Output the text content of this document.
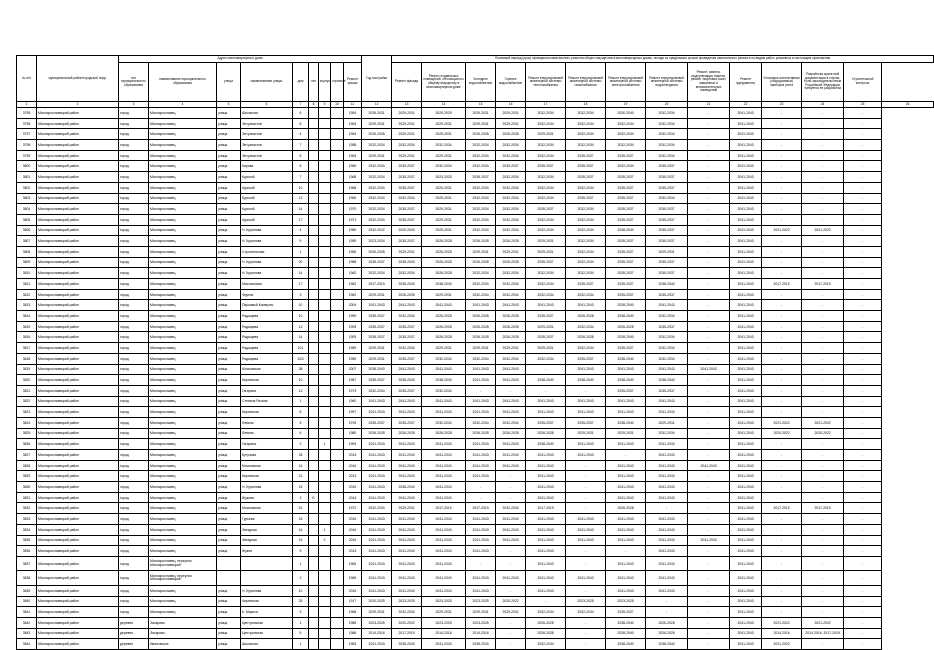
№ п/п	муниципальный район/городской округ	Адрес многоквартирного дома									Год постройки	Плановый период (срок) проведения капитального ремонта общего имущества в многоквартирных домах, исходя из предельных сроков проведения капитального ремонта по видам работ, указанных в настоящем приложении													
		тип муниципального образования	наименование муниципального образования	улица	наименование улицы	дом	лит	корпус	строение	Ремонт крыши		Ремонт фасада	Ремонт подвальных помещений, относящихся к общему имуществу в многоквартирном доме	Холодное водоснабжение	Горячее водоснабжение	Ремонт внутридомовой инженерной системы теплоснабжения	Ремонт внутридомовой инженерной системы газоснабжения	Ремонт внутридомовой инженерной системы электроснабжения	Ремонт внутридомовой инженерной системы водоотведения	Ремонт, замена, модернизация лифтов, ремонт лифтовых шахт, машинных и вспомогательных помещений	Ремонт фундамента	Установка коллективных (общедомовых) приборов учета	Разработка проектной документации в случае, если законодательством Российской Федерации требуется ее разработка	Строительный контроль	
1	2	3	4	5	6	7	8	9	10	11	12	13	14	15	16	17	18	19	20	21	22	23	24	25	26
3795	Малоярославецкий район	город	Малоярославец	улица	Школьная	6				1954	2026-2031	2029-2031	2029-2029	2029-2031	2029-2031	2032-2034	2032-2034	2030-2040	2032-2034	-	2041-2043	-	-	-	
3796	Малоярославецкий район	город	Малоярославец	улица	Энтузиастов	8				1954	2029-2031	2029-2031	2029-2031	2029-2031	2029-2031	2032-2034	2032-2034	2032-2034	2032-2034	-	2041-2043	-	-	-	
3797	Малоярославецкий район	город	Малоярославец	улица	Энтузиастов	4				1954	2026-2028	2029-2031	2029-2031	2026-2028	2026-2028	2029-2031	2032-2034	2032-2034	2032-2034	-	2041-2043	-	-	-	
3798	Малоярославецкий район	город	Малоярославец	улица	Энтузиастов	7				1958	2032-2034	2032-2034	2032-2034	2032-2034	2032-2034	2032-2034	2032-2034	2032-2034	2032-2034	-	2041-2043	-	-	-	
3799	Малоярославецкий район	город	Малоярославец	улица	Энтузиастов	5				1954	2029-2031	2029-2031	2029-2031	2032-2034	2032-2034	2032-2034	2035-2037	2035-2037	2032-2034	-	2041-2043	-	-	-	
3800	Малоярославецкий район	город	Малоярославец	улица	Кирова	6				1960	2032-2034	2035-2037	2032-2034	2032-2034	2035-2037	2035-2037	2035-2037	2032-2034	2035-2037	-	2041-2043	-	-	-	
3801	Малоярославецкий район	город	Малоярославец	улица	Курской	7				1968	2032-2034	2035-2037	2023-2025	2035-2037	2032-2034	2032-2034	2035-2037	2035-2037	2035-2037	-	2041-2043	-	-	-	
3802	Малоярославецкий район	город	Малоярославец	улица	Курской	10				1968	2032-2034	2035-2037	2020-2031	2032-2034	2032-2034	2032-2034	2032-2034	2035-2037	2035-2037	-	2041-2043	-	-	-	
3803	Малоярославецкий район	город	Малоярославец	улица	Курской	12				1965	2032-2034	2032-2034	2029-2031	2032-2034	2032-2034	2032-2034	2035-2037	2035-2037	2032-2034	-	2041-2043	-	-	-	
3804	Малоярославецкий район	город	Малоярославец	улица	Курской	14				1970	2032-2034	2035-2037	2029-2031	2032-2034	2032-2034	2035-2037	2032-2034	2035-2037	2035-2037	-	2041-2043	-	-	-	
3805	Малоярославецкий район	город	Малоярославец	улица	Курской	17				1971	2032-2034	2035-2037	2029-2031	2032-2034	2032-2034	2032-2034	2032-2034	2035-2037	2035-2037	-	2041-2043	-	-	-	
3806	Малоярославецкий район	город	Малоярославец	улица	Н. Курилова	4				1980	2032-2022	2020-2040	2029-2031	2032-2034	2032-2034	2032-2034	2032-2034	2038-2040	2035-2037	-	2041-2043	2021-2022	2021-2022	-	
3807	Малоярославецкий район	город	Малоярославец	улица	Н. Курилова	9				1959	2023-2034	2035-2037	2026-2028	2026-2028	2026-2028	2029-2031	2032-2034	2035-2037	2035-2037	-	2041-2043	-	-	-	
3808	Малоярославецкий район	город	Малоярославец	улица	Строительная	1				1956	2026-2028	2029-2031	2026-2028	2029-2031	2029-2031	2029-2031	2032-2034	2035-2037	2029-2031	-	2041-2043	-	-	-	
3809	Малоярославецкий район	город	Малоярославец	улица	Н. Курилова	20				1988	2035-2037	2038-2040	2026-2028	2026-2028	2026-2028	2035-2037	2032-2034	2035-2037	2035-2037	-	2041-2043	-	-	-	
3810	Малоярославецкий район	город	Малоярославец	улица	Н. Курилова	14				1962	2032-2034	2032-2034	2026-2028	2032-2034	2032-2034	2032-2034	2032-2034	2035-2037	2035-2037	-	2041-2043	-	-	-	
3811	Малоярославецкий район	город	Малоярославец	улица	Маслоповая	17				1962	2017-2019	2038-2040	2038-2040	2032-2034	2032-2034	2032-2034	2035-2037	2035-2037	2038-2040	-	2041-2043	2017-2019	2017-2019	-	
3812	Малоярославецкий район	город	Малоярославец	улица	Фрунзе	3				1962	2029-2031	2026-2028	2029-2031	2032-2034	2032-2034	2032-2034	2032-2034	2035-2037	2035-2037	-	2041-2043	-	-	-	
3813	Малоярославецкий район	город	Малоярославец	улица	Парковый Коммуны	10				2004	2041-2043	2041-2043	2041-2043	2041-2043	2041-2043	2041-2043	2041-2043	2038-2040	2041-2043	-	2041-2043	-	-	-	
3814	Малоярославецкий район	город	Малоярославец	улица	Радищева	10				1990	2035-2037	2032-2034	2026-2028	2026-2028	2026-2028	2035-2037	2026-2028	2038-2040	2032-2034	-	2041-2043	-	-	-	
3815	Малоярославецкий район	город	Малоярославец	улица	Радищева	12				1993	2035-2037	2035-2037	2026-2028	2026-2028	2026-2028	2029-2031	2032-2034	2026-2028	2035-2037	-	2041-2043	-	-	-	
3816	Малоярославецкий район	город	Малоярославец	улица	Радищева	14				1993	2035-2037	2035-2037	2026-2028	2026-2028	2026-2028	2035-2037	2026-2028	2038-2040	2032-2034	-	2041-2043	-	-	-	
3817	Малоярославецкий район	город	Малоярославец	улица	Радищева	101				1989	2029-2031	2032-2034	2029-2031	2029-2031	2029-2031	2029-2031	2032-2034	2035-2037	2032-2034	-	2041-2043	-	-	-	
3818	Малоярославецкий район	город	Малоярославец	улица	Радищева	10/2				1989	2029-2031	2035-2037	2032-2034	2032-2034	2032-2034	2032-2034	2035-2037	2038-2040	2032-2034	-	2041-2043	-	-	-	
3819	Малоярославецкий район	город	Малоярославец	улица	Московская	38				2007	2038-2040	2041-2043	2041-2043	2041-2043	2041-2043	-	2041-2043	2041-2043	2041-2043	2041-2043	2041-2043	-	-	-	
3820	Малоярославецкий район	город	Малоярославец	улица	Кирпичная	10				1987	2035-2037	2038-2040	2038-2040	2041-2043	2041-2043	2038-2040	2038-2040	2038-2040	2038-2040	-	2041-2043	-	-	-	
3821	Малоярославецкий район	город	Малоярославец	улица	Гагарина	12				1973	2032-2034	2035-2037	2032-2034	-	-	-	-	2035-2037	2035-2037	-	2041-2043	-	-	-	
3822	Малоярославецкий район	город	Малоярославец	улица	Степана Разина	1				1960	2041-2043	2041-2043	2041-2043	2041-2043	2041-2043	2041-2043	2041-2043	2041-2043	2041-2043	-	2041-2043	-	-	-	
3823	Малоярославецкий район	город	Малоярославец	улица	Кирпичная	8				1997	2041-2043	2041-2043	2041-2043	2041-2043	2041-2043	2041-2043	2041-2043	2041-2043	2041-2043	-	2041-2043	-	-	-	
3824	Малоярославецкий район	город	Малоярославец	улица	Левина	5				1976	2035-2037	2035-2037	2032-2034	2032-2034	2032-2034	2035-2037	2035-2037	2038-2040	2029-2031	-	2041-2043	2021-2022	2021-2022	-	
3825	Малоярославецкий район	город	Малоярославец	улица	Левина	6				1980	2026-2028	2026-2028	2026-2028	2026-2028	2026-2028	2026-2028	2029-2031	2029-2031	2032-2034	-	2041-2043	2020-2022	2020-2022	-	
3826	Малоярославецкий район	город	Малоярославец	улица	Гагарина	2		1		1994	2041-2043	2041-2043	2041-2043	2041-2043	2041-2043	2038-2040	2041-2043	2041-2043	2041-2043	-	2041-2043	-	-	-	
3827	Малоярославецкий район	город	Малоярославец	улица	Кутузова	28				2014	2041-2043	2041-2043	2041-2043	2041-2043	2041-2043	2041-2043	2041-2043	-	2041-2043	-	2041-2043	-	-	-	
3828	Малоярославецкий район	город	Малоярославец	улица	Московская	14				2016	2041-2043	2041-2043	2041-2043	2041-2043	2041-2043	2041-2043	-	2041-2043	2041-2043	2041-2043	2041-2043	-	-	-	
3829	Малоярославецкий район	город	Малоярославец	улица	Кирпичная	21				2013	2041-2043	2041-2043	2041-2043	2041-2043	-	2041-2043	-	2041-2043	2041-2043	-	2041-2043	-	-	-	
3830	Малоярославецкий район	город	Малоярославец	улица	Н. Курилова	15				2015	2041-2043	2038-2040	2041-2043	-	-	2041-2043	-	2041-2043	2041-2043	-	2041-2043	-	-	-	
3831	Малоярославецкий район	город	Малоярославец	улица	Жукова	3	Б			2014	2041-2043	2041-2043	2041-2043	-	-	2041-2043	-	2041-2043	2041-2043	-	2041-2043	-	-	-	
3832	Малоярославецкий район	город	Малоярославец	улица	Московская	51				1972	2032-2034	2029-2031	2017-2019	2017-2019	2032-2034	2017-2019	-	2026-2028	-	-	2041-2043	2017-2019	2017-2019	-	
3833	Малоярославецкий район	город	Малоярославец	улица	Гурьева	18				2016	2041-2043	2041-2043	2041-2043	2041-2043	2041-2043	2041-2043	2041-2043	2041-2043	2041-2043	-	2041-2043	-	-	-	
3834	Малоярославецкий район	город	Малоярославец	улица	Звездная	14		1		2016	2041-2043	2041-2043	2041-2043	2041-2043	2041-2043	2041-2043	2041-2043	2041-2043	2041-2043	-	2041-2043	-	-	-	
3835	Малоярославецкий район	город	Малоярославец	улица	Звездная	14		2		2016	2041-2043	2041-2043	2041-2043	2041-2043	2041-2043	2041-2043	2041-2043	2041-2043	2041-2043	2041-2043	2041-2043	-	-	-	
3836	Малоярославецкий район	город	Малоярославец	улица	Жуков	9				2013	2041-2043	2041-2043	2041-2043	2041-2043	-	2041-2043	-	-	2041-2043	-	2041-2043	-	-	-	
3837	Малоярославецкий район	город	Малоярославец, переулок Малоярославецкий			1				1965	2041-2043	2041-2043	2041-2043	-	-	2041-2043	-	2041-2043	2041-2043	-	2041-2043	-	-	-	
3838	Малоярославецкий район	город	Малоярославец, переулок Малоярославецкий			2				1969	2041-2043	2041-2043	2041-2043	2041-2043	2041-2043	2041-2043	2041-2043	2041-2043	2041-2043	-	2041-2043	-	-	-	
3839	Малоярославецкий район	город	Малоярославец	улица	Н. Курилова	10				2016	2041-2043	2041-2043	2041-2043	2041-2043	-	2041-2043	-	2041-2043	2041-2043	-	2041-2043	-	-	-	
3840	Малоярославецкий район	город	Малоярославец	улица	Кирпичная	25				1917	2020-2025	2023-2025	2023-2025	2023-2025	2020-2022	-	2023-2025	2023-2025	-	-	2041-2043	-	-	-	
3841	Малоярославецкий район	город	Малоярославец	улица	К. Маркса	3				1968	2029-2031	2032-2034	2029-2031	2029-2031	2029-2031	2032-2034	2032-2034	2035-2037	-	-	2041-2043	-	-	-	
3842	Малоярославецкий район	деревня	Захарово	улица	Центральная	1				1985	2023-2025	2020-2022	2023-2025	2023-2025	-	2026-2028	-	2038-2040	2026-2028	-	2041-2043	2021-2022	2021-2022	-	
3843	Малоярославецкий район	деревня	Захарово	улица	Центральная	5				1986	2014-2016	2017-2019	2014-2016	2014-2016	-	2026-2028	-	2038-2040	2026-2028	-	2041-2043	2014-2016	2014-2016, 2017-2019	-	
3844	Малоярославецкий район	деревня	Ивановское	улица	Школьная	1				1983	2041-2043	2038-2040	2041-2043	2038-2040	-	2032-2034	-	2038-2040	2038-2040	-	2041-2043	2021-2022	-	-	
